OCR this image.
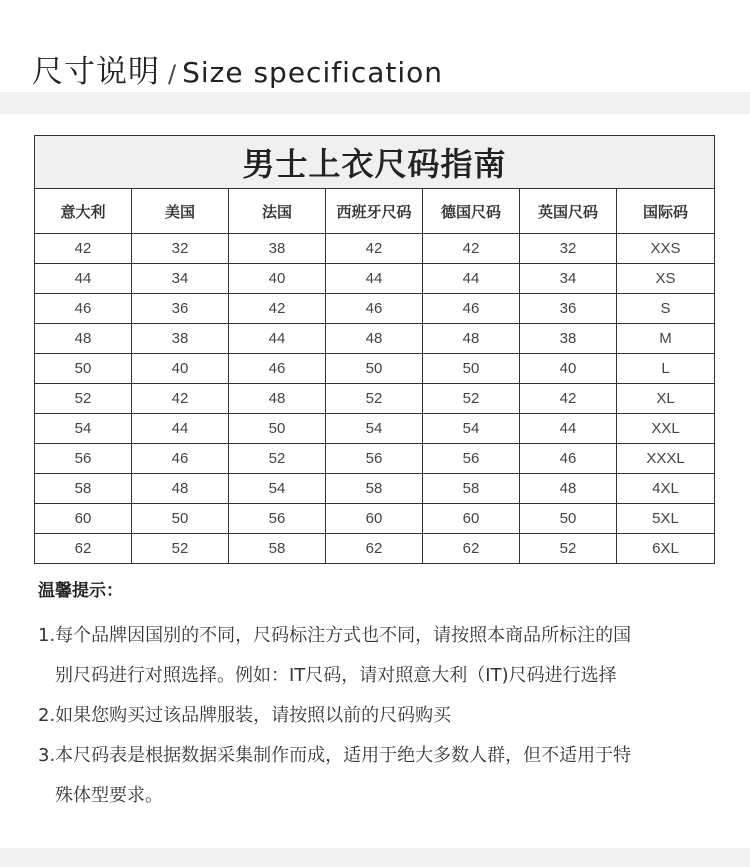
尺寸说明 / Size specification
男士上衣尺码指南						
意大利	美国	法国	西班牙尺码	德国尺码	英国尺码	国际码
42	32	38	42	42	32	XXS
44	34	40	44	44	34	XS
46	36	42	46	46	36	S
48	38	44	48	48	38	M
50	40	46	50	50	40	L
52	42	48	52	52	42	XL
54	44	50	54	54	44	XXL
56	46	52	56	56	46	XXXL
58	48	54	58	58	48	4XL
60	50	56	60	60	50	5XL
62	52	58	62	62	52	6XL
温馨提示：
1.每个品牌因国别的不同，尺码标注方式也不同，请按照本商品所标注的国
别尺码进行对照选择。例如：IT尺码，请对照意大利（IT)尺码进行选择
2.如果您购买过该品牌服装，请按照以前的尺码购买
3.本尺码表是根据数据采集制作而成，适用于绝大多数人群，但不适用于特
殊体型要求。
